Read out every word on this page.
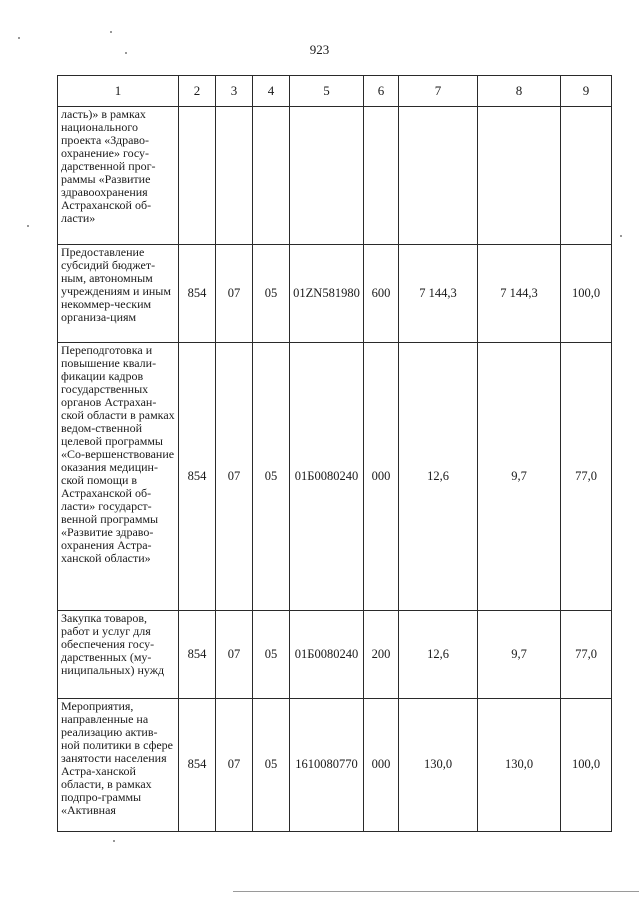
923
1	2	3	4	5	6	7	8	9
ласть)» в рамках национального проекта «Здраво-охранение» госу-дарственной прог-раммы «Развитие здравоохранения Астраханской об-ласти»								
Предоставление субсидий бюджет-ным, автономным учреждениям и иным некоммер-ческим организа-циям	854	07	05	01ZN581980	600	7 144,3	7 144,3	100,0
Переподготовка и повышение квали-фикации кадров государственных органов Астрахан-ской области в рамках ведом-ственной целевой программы «Со-вершенствование оказания медицин-ской помощи в Астраханской об-ласти» государст-венной программы «Развитие здраво-охранения Астра-ханской области»	854	07	05	01Б0080240	000	12,6	9,7	77,0
Закупка товаров, работ и услуг для обеспечения госу-дарственных (му-ниципальных) нужд	854	07	05	01Б0080240	200	12,6	9,7	77,0
Мероприятия, направленные на реализацию актив-ной политики в сфере занятости населения Астра-ханской области, в рамках подпро-граммы «Активная	854	07	05	1610080770	000	130,0	130,0	100,0
